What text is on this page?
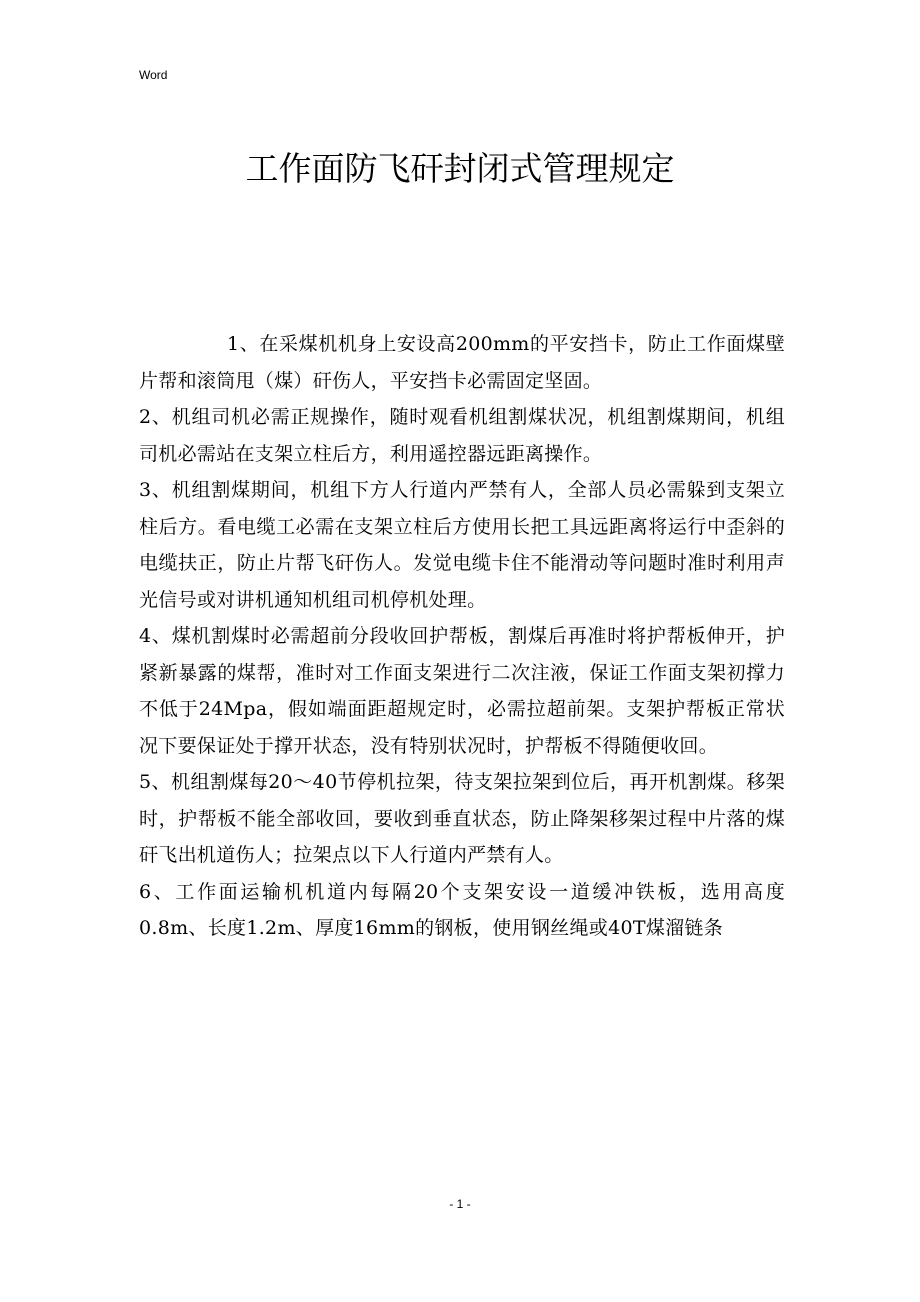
Word
工作面防飞矸封闭式管理规定

1、在采煤机机身上安设高200mm的平安挡卡，防止工作面煤壁片帮和滚筒甩（煤）矸伤人，平安挡卡必需固定坚固。

2、机组司机必需正规操作，随时观看机组割煤状况，机组割煤期间，机组司机必需站在支架立柱后方，利用遥控器远距离操作。

3、机组割煤期间，机组下方人行道内严禁有人，全部人员必需躲到支架立柱后方。看电缆工必需在支架立柱后方使用长把工具远距离将运行中歪斜的电缆扶正，防止片帮飞矸伤人。发觉电缆卡住不能滑动等问题时准时利用声光信号或对讲机通知机组司机停机处理。

4、煤机割煤时必需超前分段收回护帮板，割煤后再准时将护帮板伸开，护紧新暴露的煤帮，准时对工作面支架进行二次注液，保证工作面支架初撑力不低于24Mpa，假如端面距超规定时，必需拉超前架。支架护帮板正常状况下要保证处于撑开状态，没有特别状况时，护帮板不得随便收回。

5、机组割煤每20～40节停机拉架，待支架拉架到位后，再开机割煤。移架时，护帮板不能全部收回，要收到垂直状态，防止降架移架过程中片落的煤矸飞出机道伤人；拉架点以下人行道内严禁有人。

6、工作面运输机机道内每隔20个支架安设一道缓冲铁板，选用高度0.8m、长度1.2m、厚度16mm的钢板，使用钢丝绳或40T煤溜链条

- 1 -
